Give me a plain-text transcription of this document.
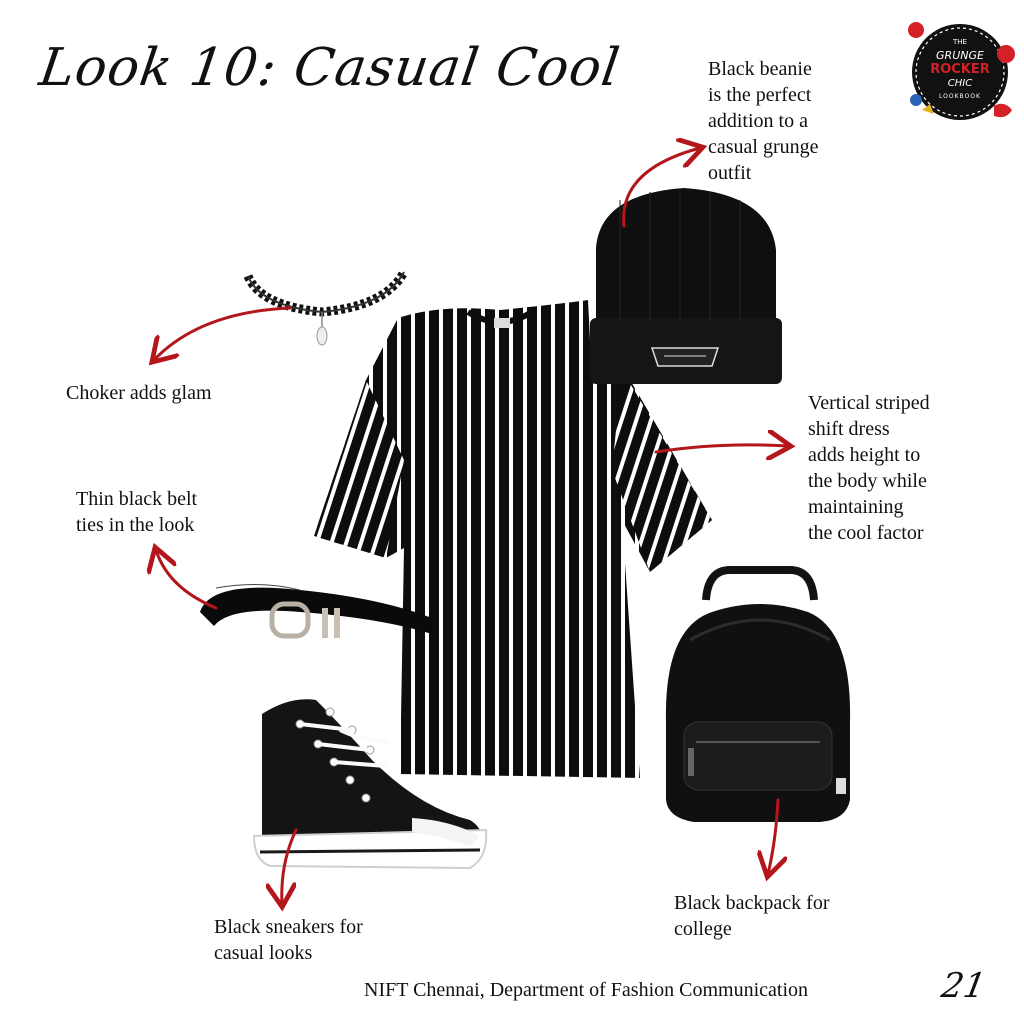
Look 10: Casual Cool	THE
GRUNGE
ROCKER
CHIC
LOOKBOOK

Black beanie
is the perfect
addition to a
casual grunge
outfit

Choker adds glam	Vertical striped
shift dress
adds height to
the body while
maintaining
the cool factor

Thin black belt
ties in the look

Black sneakers for
casual looks

Black backpack for
college

NIFT Chennai, Department of Fashion Communication	21
